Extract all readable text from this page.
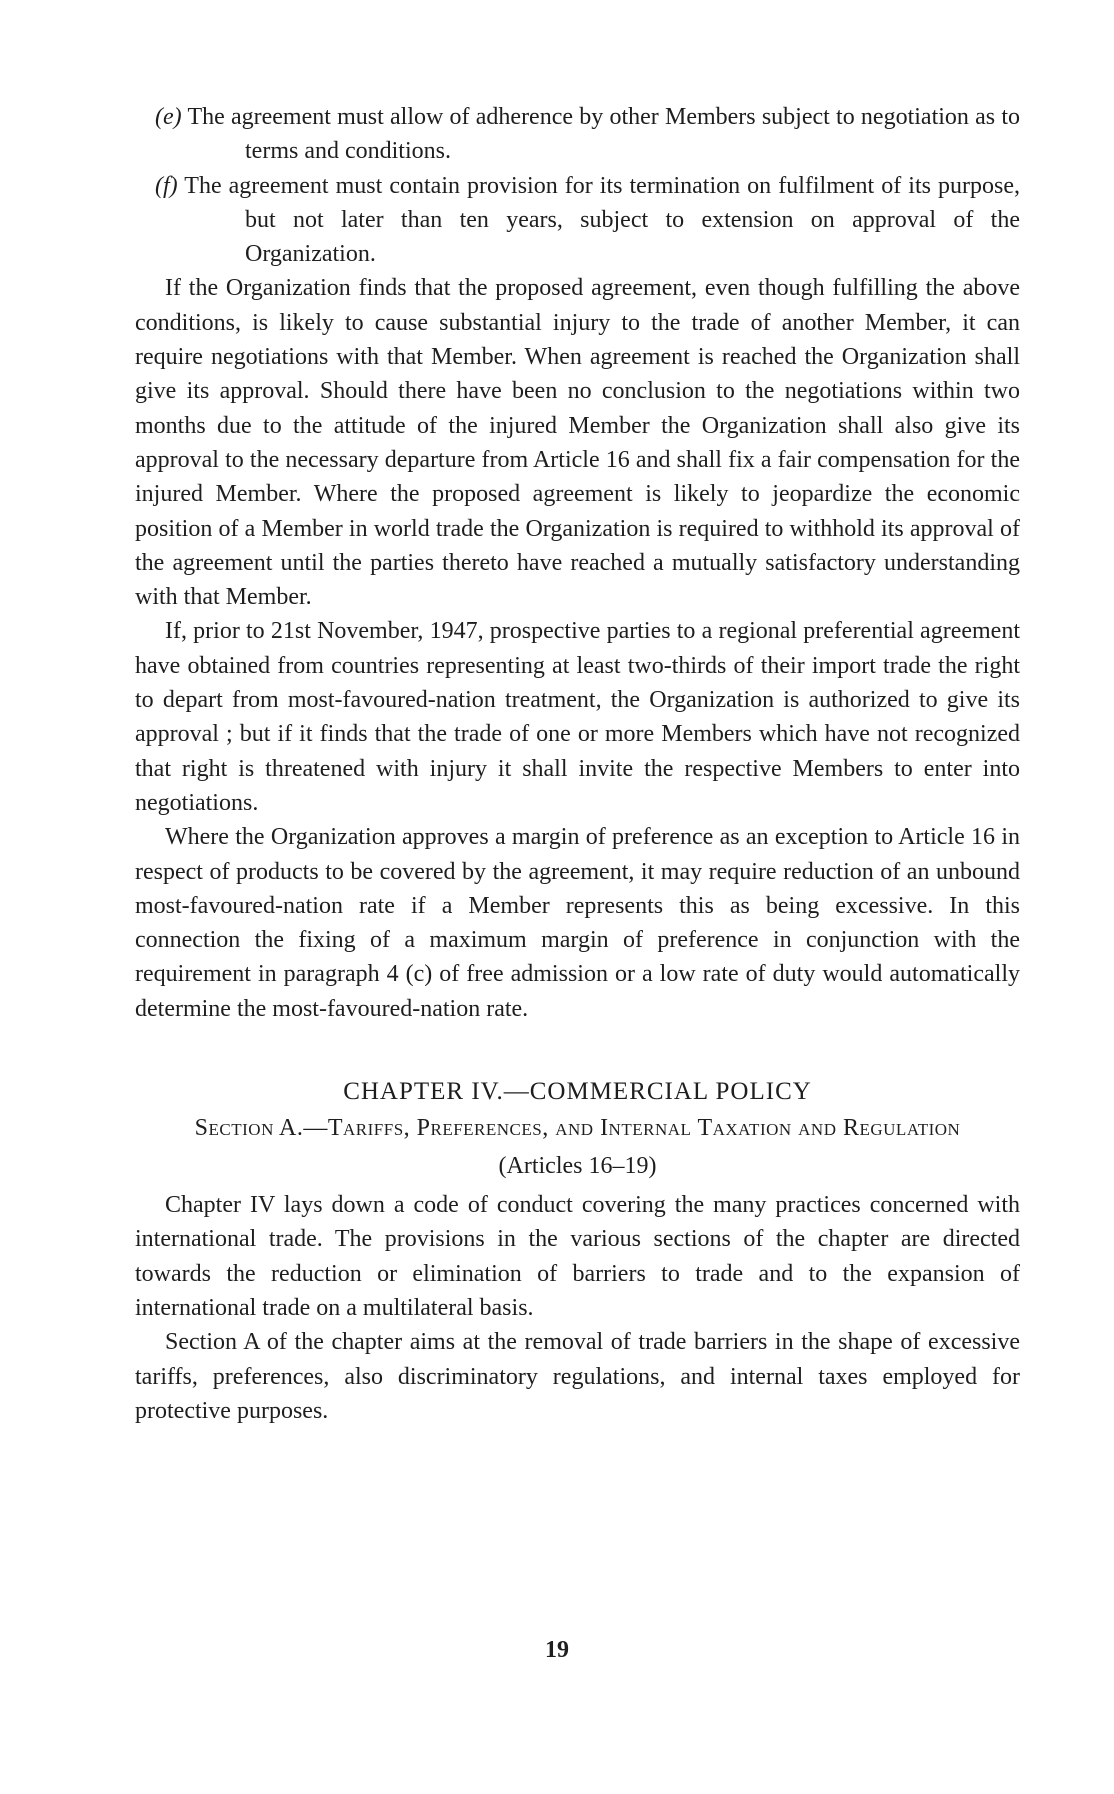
(e) The agreement must allow of adherence by other Members subject to negotiation as to terms and conditions.

(f) The agreement must contain provision for its termination on fulfilment of its purpose, but not later than ten years, subject to extension on approval of the Organization.

If the Organization finds that the proposed agreement, even though fulfilling the above conditions, is likely to cause substantial injury to the trade of another Member, it can require negotiations with that Member. When agreement is reached the Organization shall give its approval. Should there have been no conclusion to the negotiations within two months due to the attitude of the injured Member the Organization shall also give its approval to the necessary departure from Article 16 and shall fix a fair compensation for the injured Member. Where the proposed agreement is likely to jeopardize the economic position of a Member in world trade the Organization is required to withhold its approval of the agreement until the parties thereto have reached a mutually satisfactory understanding with that Member.

If, prior to 21st November, 1947, prospective parties to a regional preferential agreement have obtained from countries representing at least two-thirds of their import trade the right to depart from most-favoured-nation treatment, the Organization is authorized to give its approval ; but if it finds that the trade of one or more Members which have not recognized that right is threatened with injury it shall invite the respective Members to enter into negotiations.

Where the Organization approves a margin of preference as an exception to Article 16 in respect of products to be covered by the agreement, it may require reduction of an unbound most-favoured-nation rate if a Member represents this as being excessive. In this connection the fixing of a maximum margin of preference in conjunction with the requirement in paragraph 4 (c) of free admission or a low rate of duty would automatically determine the most-favoured-nation rate.

CHAPTER IV.—COMMERCIAL POLICY
Section A.—Tariffs, Preferences, and Internal Taxation and Regulation
(Articles 16–19)

Chapter IV lays down a code of conduct covering the many practices concerned with international trade. The provisions in the various sections of the chapter are directed towards the reduction or elimination of barriers to trade and to the expansion of international trade on a multilateral basis.

Section A of the chapter aims at the removal of trade barriers in the shape of excessive tariffs, preferences, also discriminatory regulations, and internal taxes employed for protective purposes.

19
